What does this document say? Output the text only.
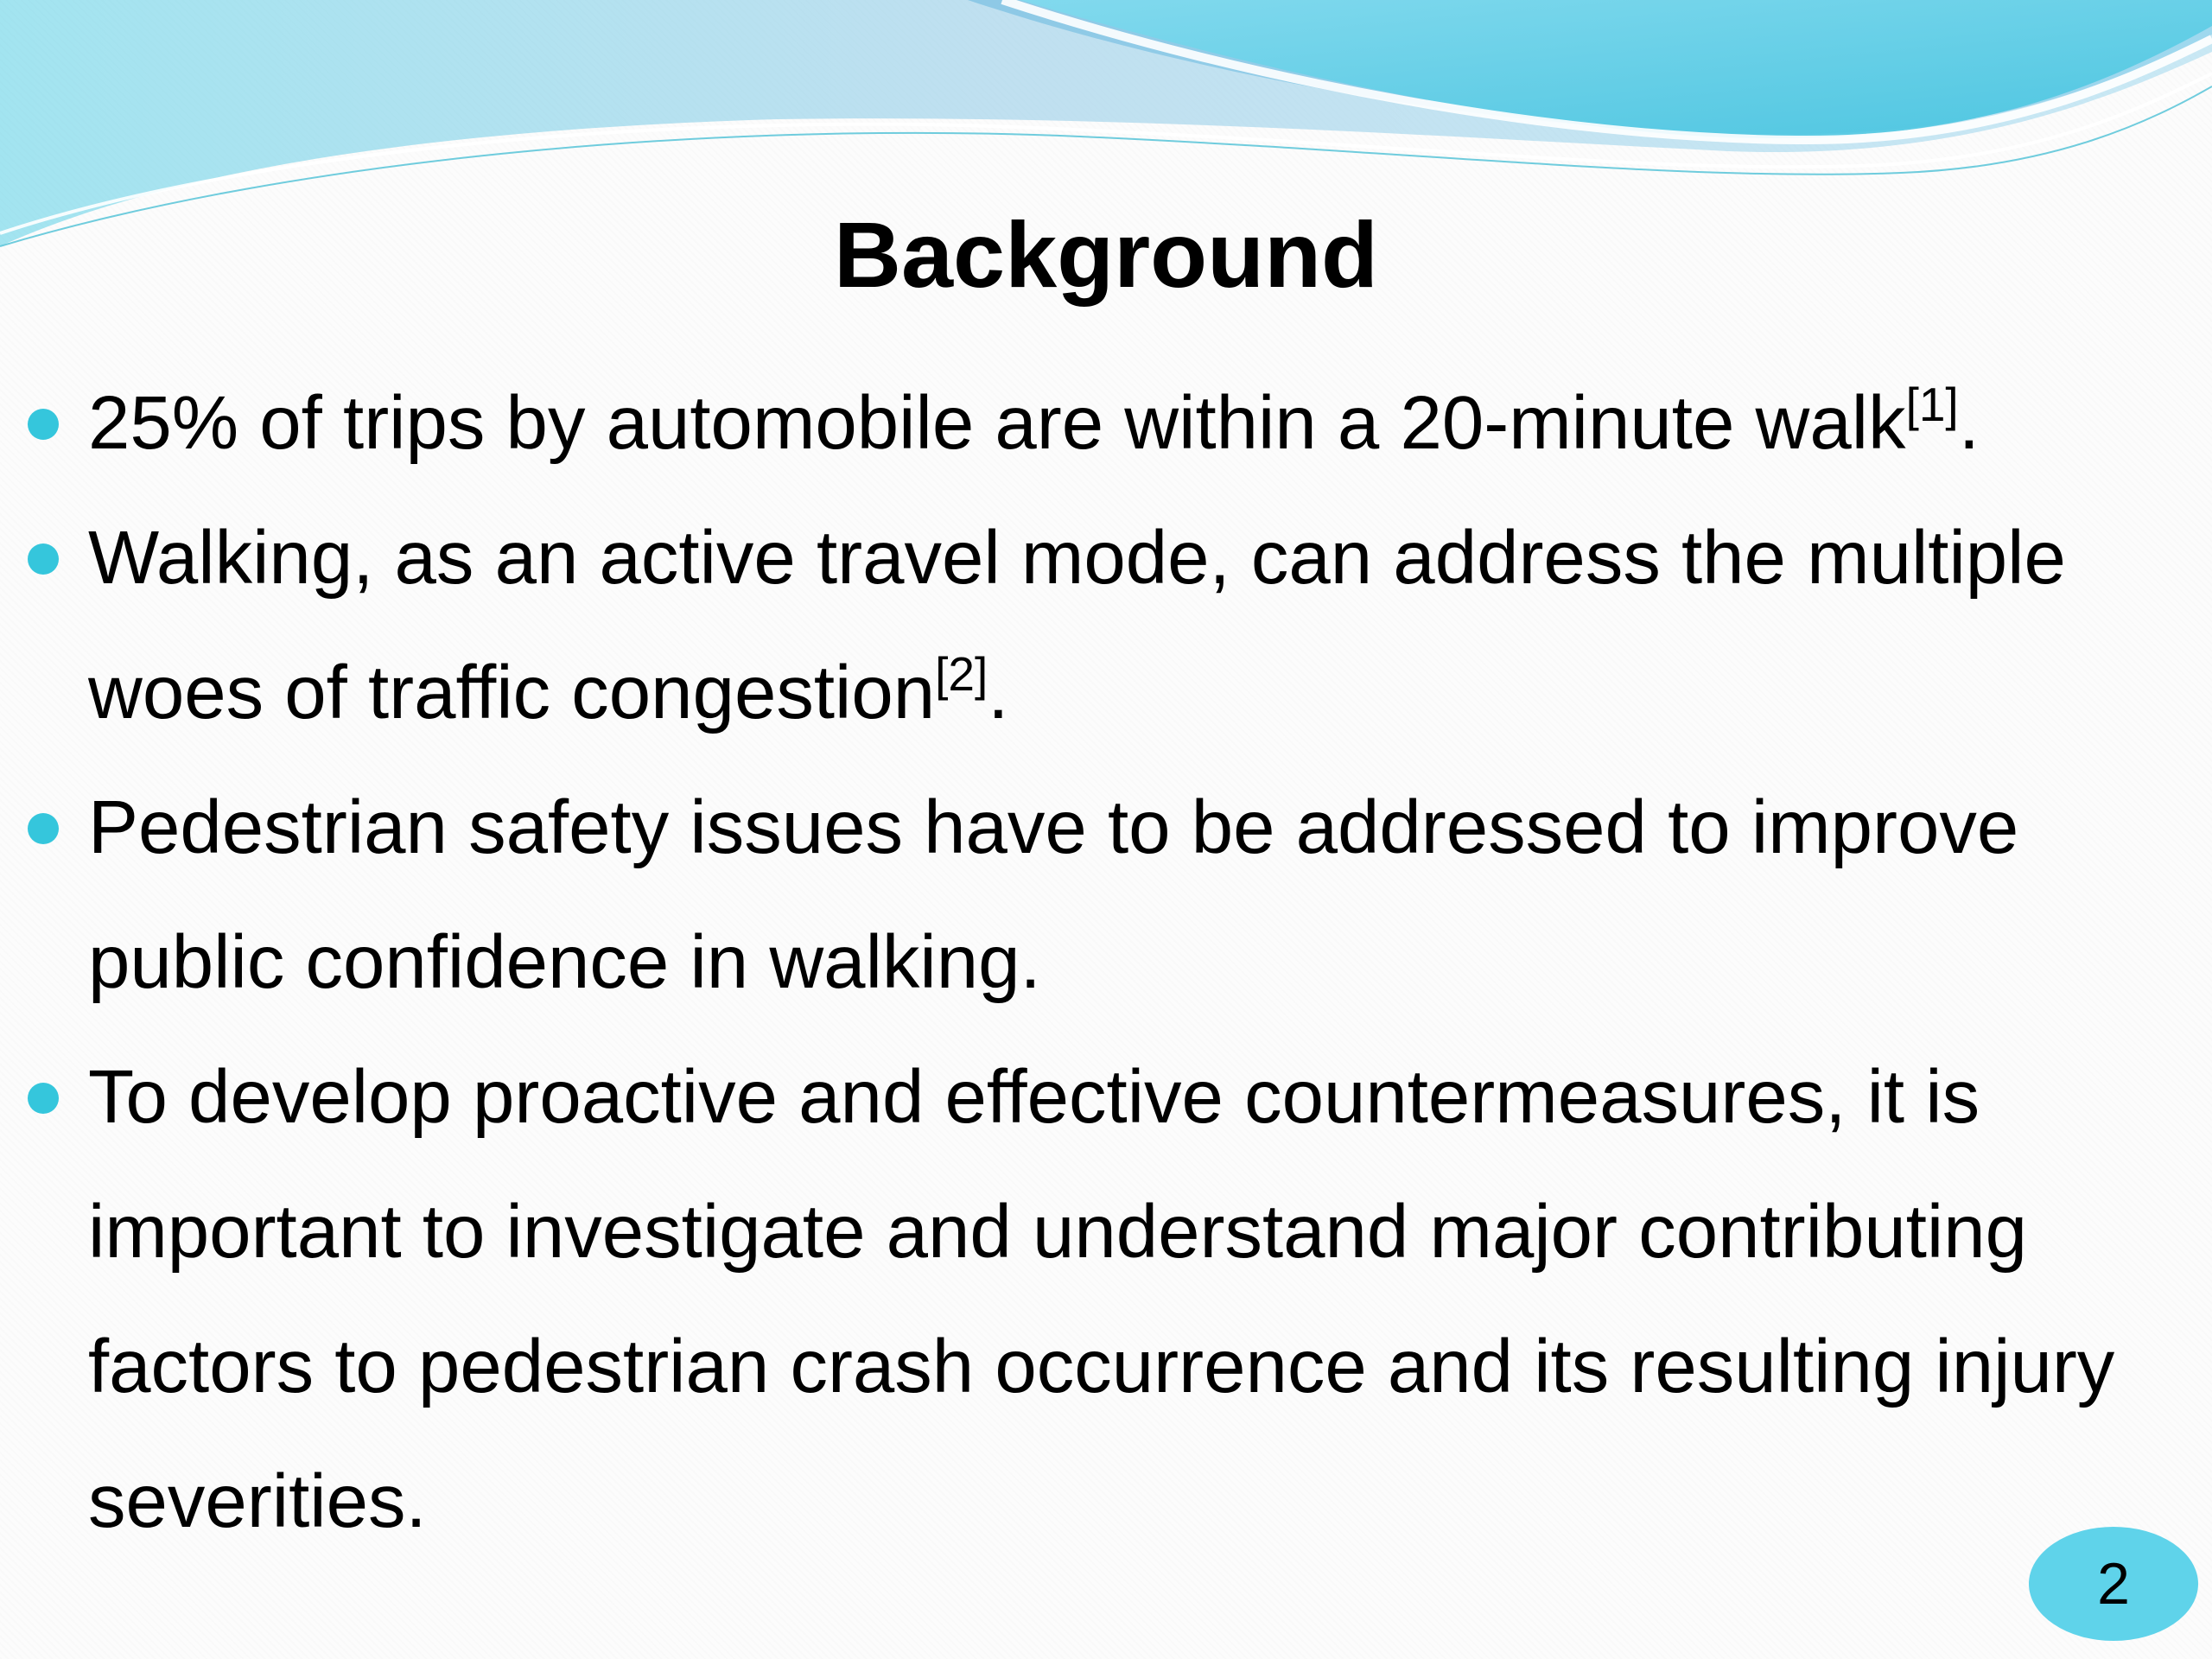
Background
25% of trips by automobile are within a 20-minute walk[1].
Walking, as an active travel mode, can address the multiple woes of traffic congestion[2].
Pedestrian safety issues have to be addressed to improve public confidence in walking.
To develop proactive and effective countermeasures, it is important to investigate and understand major contributing factors to pedestrian crash occurrence and its resulting injury severities.
2
